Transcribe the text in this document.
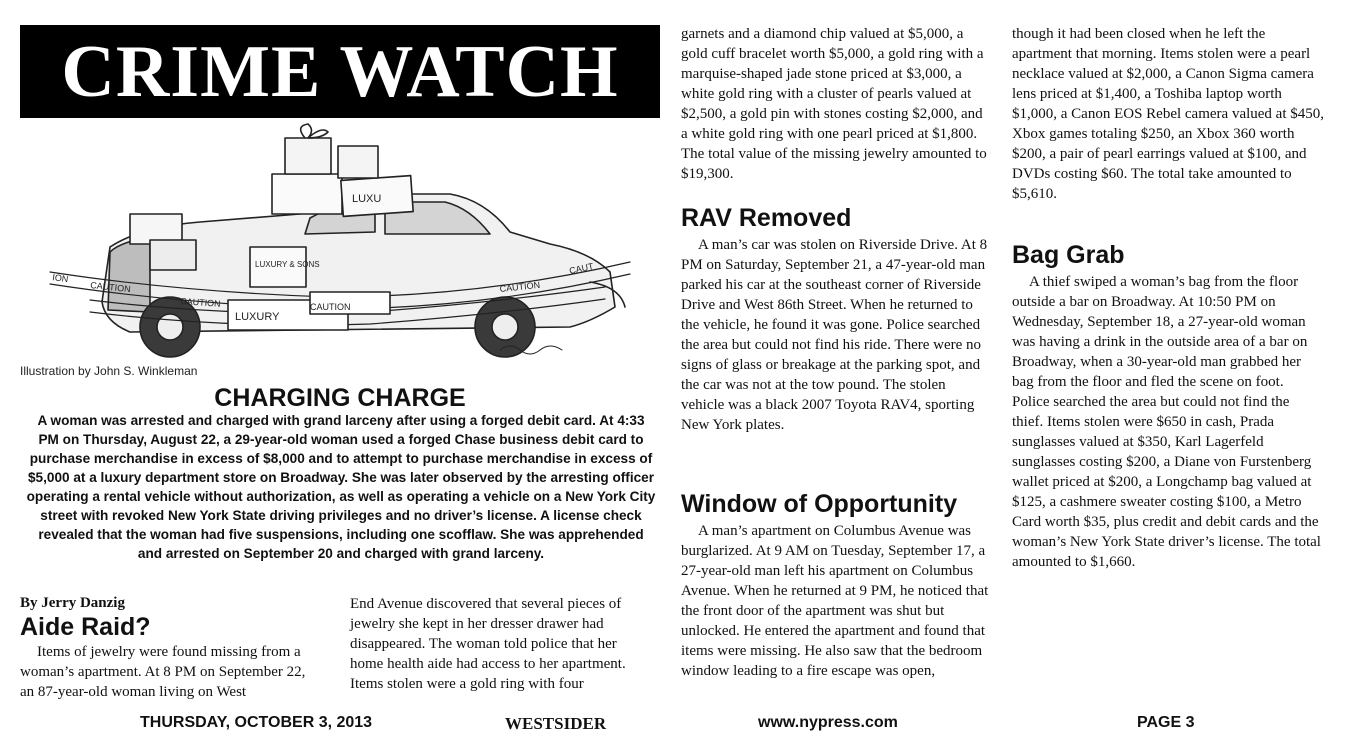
CRIME WATCH
CAUTION
CAUTION	CAUTION
CAUTION
CAUT
ION
LUXURY
LUXURY & SONS
LUXU
Illustration by John S. Winkleman
CHARGING CHARGE

A woman was arrested and charged with grand larceny after using a forged debit card. At 4:33 PM on Thursday, August 22, a 29-year-old woman used a forged Chase business debit card to purchase merchandise in excess of $8,000 and to attempt to purchase merchandise in excess of $5,000 at a luxury department store on Broadway. She was later observed by the arresting officer operating a rental vehicle without authorization, as well as operating a vehicle on a New York City street with revoked New York State driving privileges and no driver’s license. A license check revealed that the woman had five suspensions, including one scofflaw. She was apprehended and arrested on September 20 and charged with grand larceny.

By Jerry Danzig
Aide Raid?

Items of jewelry were found missing from a woman’s apartment. At 8 PM on September 22, an 87-year-old woman living on West

End Avenue discovered that several pieces of jewelry she kept in her dresser drawer had disappeared. The woman told police that her home health aide had access to her apartment. Items stolen were a gold ring with four

garnets and a diamond chip valued at $5,000, a gold cuff bracelet worth $5,000, a gold ring with a marquise-shaped jade stone priced at $3,000, a white gold ring with a cluster of pearls valued at $2,500, a gold pin with stones costing $2,000, and a white gold ring with one pearl priced at $1,800. The total value of the missing jewelry amounted to $19,300.

RAV Removed

A man’s car was stolen on Riverside Drive. At 8 PM on Saturday, September 21, a 47-year-old man parked his car at the southeast corner of Riverside Drive and West 86th Street. When he returned to the vehicle, he found it was gone. Police searched the area but could not find his ride. There were no signs of glass or breakage at the parking spot, and the car was not at the tow pound. The stolen vehicle was a black 2007 Toyota RAV4, sporting New York plates.

Window of Opportunity

A man’s apartment on Columbus Avenue was burglarized. At 9 AM on Tuesday, September 17, a 27-year-old man left his apartment on Columbus Avenue. When he returned at 9 PM, he noticed that the front door of the apartment was shut but unlocked. He entered the apartment and found that items were missing. He also saw that the bedroom window leading to a fire escape was open,

though it had been closed when he left the apartment that morning. Items stolen were a pearl necklace valued at $2,000, a Canon Sigma camera lens priced at $1,400, a Toshiba laptop worth $1,000, a Canon EOS Rebel camera valued at $450, Xbox games totaling $250, an Xbox 360 worth $200, a pair of pearl earrings valued at $100, and DVDs costing $60. The total take amounted to $5,610.

Bag Grab

A thief swiped a woman’s bag from the floor outside a bar on Broadway. At 10:50 PM on Wednesday, September 18, a 27-year-old woman was having a drink in the outside area of a bar on Broadway, when a 30-year-old man grabbed her bag from the floor and fled the scene on foot. Police searched the area but could not find the thief. Items stolen were $650 in cash, Prada sunglasses valued at $350, Karl Lagerfeld sunglasses costing $200, a Diane von Furstenberg wallet priced at $200, a Longchamp bag valued at $125, a cashmere sweater costing $100, a Metro Card worth $35, plus credit and debit cards and the woman’s New York State driver’s license. The total amounted to $1,660.

THURSDAY, OCTOBER 3, 2013	WESTSIDER	www.nypress.com	PAGE 3
